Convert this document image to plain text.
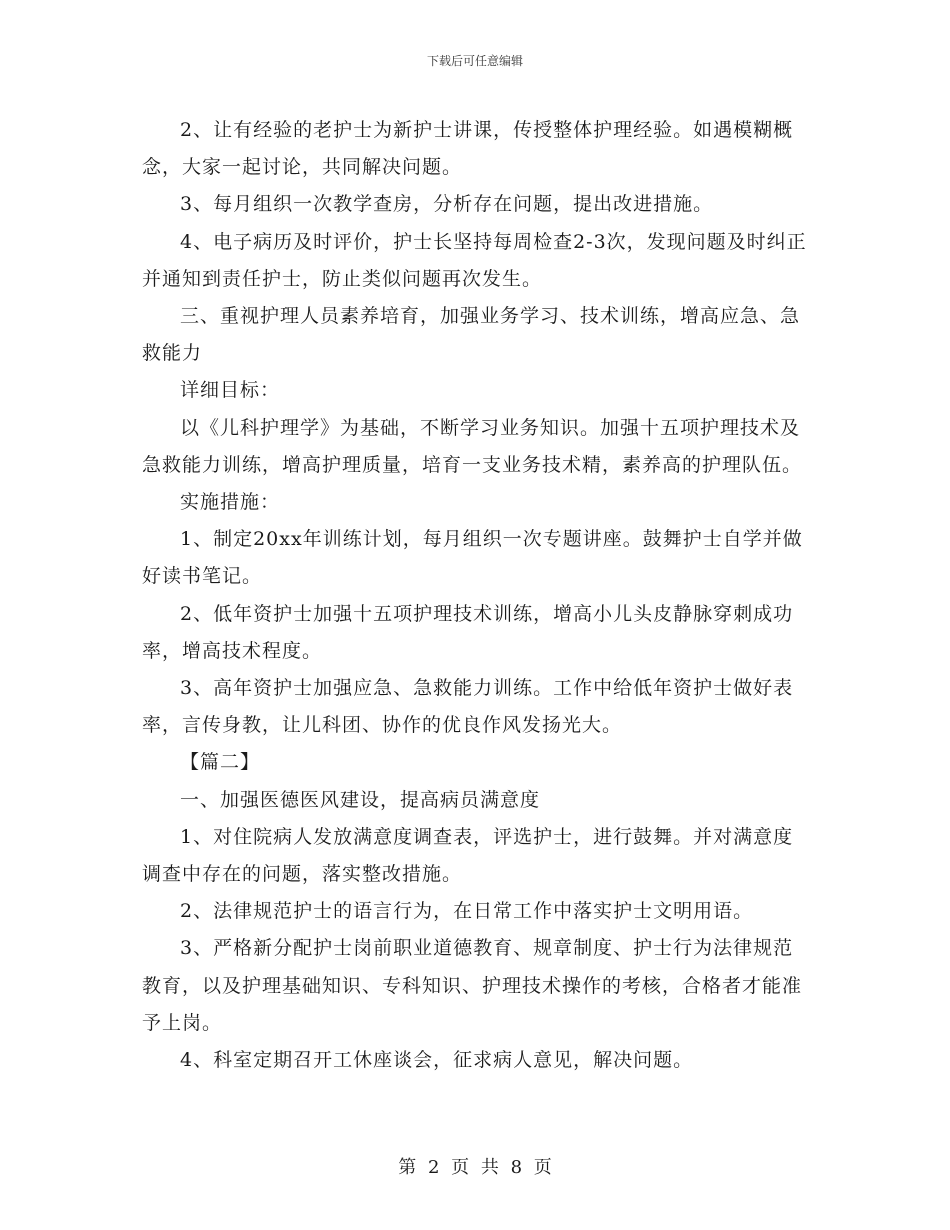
下载后可任意编辑

2、让有经验的老护士为新护士讲课，传授整体护理经验。如遇模糊概念，大家一起讨论，共同解决问题。

3、每月组织一次教学查房，分析存在问题，提出改进措施。

4、电子病历及时评价，护士长坚持每周检查2-3次，发现问题及时纠正并通知到责任护士，防止类似问题再次发生。

三、重视护理人员素养培育，加强业务学习、技术训练，增高应急、急救能力

详细目标：

以《儿科护理学》为基础，不断学习业务知识。加强十五项护理技术及急救能力训练，增高护理质量，培育一支业务技术精，素养高的护理队伍。

实施措施：

1、制定20xx年训练计划，每月组织一次专题讲座。鼓舞护士自学并做好读书笔记。

2、低年资护士加强十五项护理技术训练，增高小儿头皮静脉穿刺成功率，增高技术程度。

3、高年资护士加强应急、急救能力训练。工作中给低年资护士做好表率，言传身教，让儿科团、协作的优良作风发扬光大。

【篇二】

一、加强医德医风建设，提高病员满意度

1、对住院病人发放满意度调查表，评选护士，进行鼓舞。并对满意度调查中存在的问题，落实整改措施。

2、法律规范护士的语言行为，在日常工作中落实护士文明用语。

3、严格新分配护士岗前职业道德教育、规章制度、护士行为法律规范教育，以及护理基础知识、专科知识、护理技术操作的考核，合格者才能准予上岗。

4、科室定期召开工休座谈会，征求病人意见，解决问题。

第 2 页 共 8 页
